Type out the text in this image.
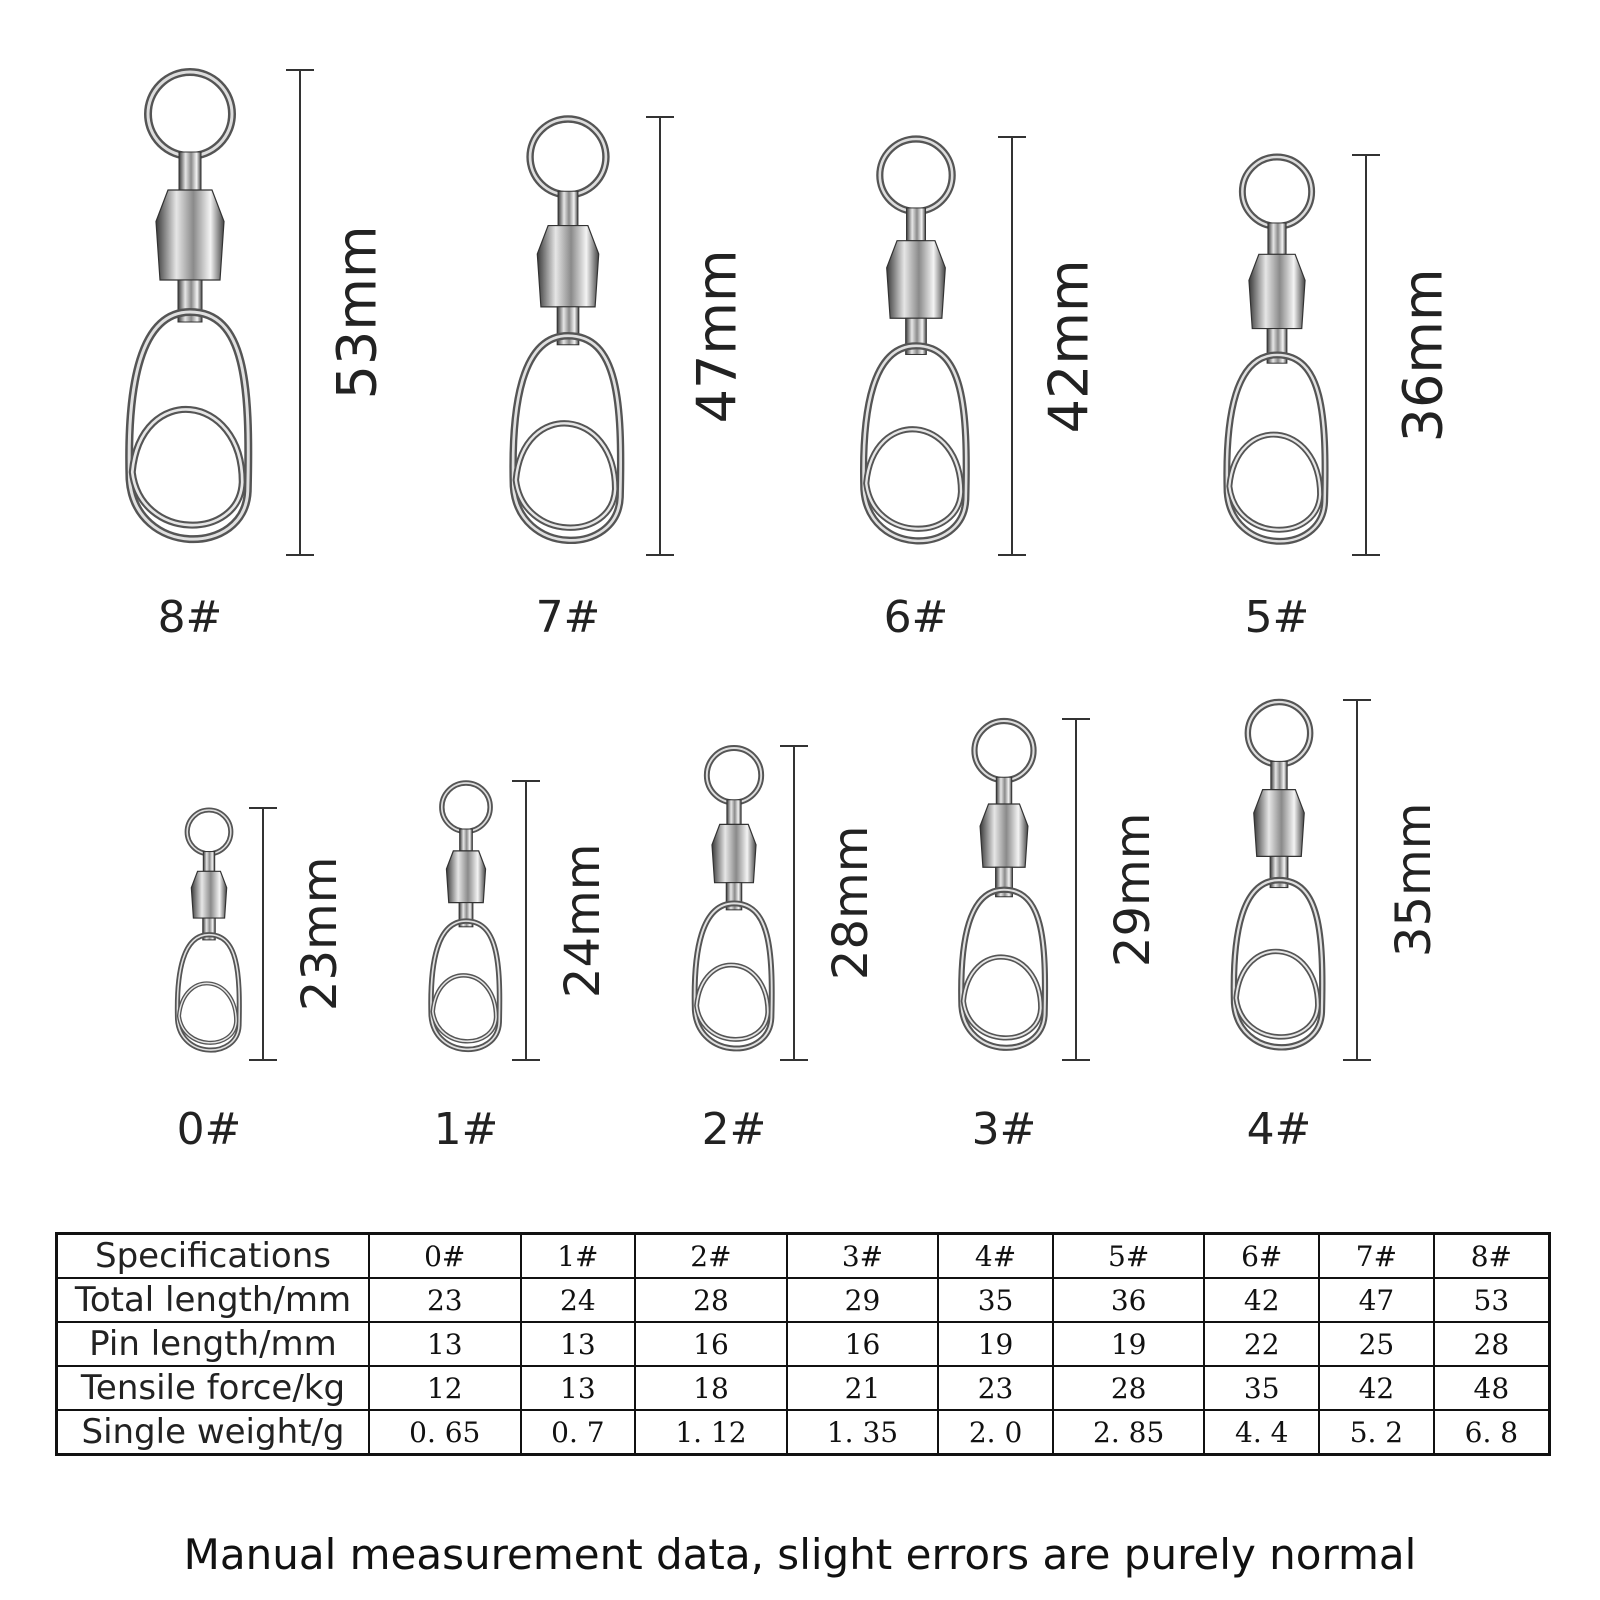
Specifications	0#	1#	2#	3#	4#	5#	6#	7#	8#
Total length/mm	23	24	28	29	35	36	42	47	53
Pin length/mm	13	13	16	16	19	19	22	25	28
Tensile force/kg	12	13	18	21	23	28	35	42	48
Single weight/g	0. 65	0. 7	1. 12	1. 35	2. 0	2. 85	4. 4	5. 2	6. 8
Manual measurement data, slight errors are purely normal
53mm
8#
47mm
7#
42mm
6#
36mm
5#
23mm
0#
24mm
1#
28mm
2#
29mm
3#
35mm
4#
